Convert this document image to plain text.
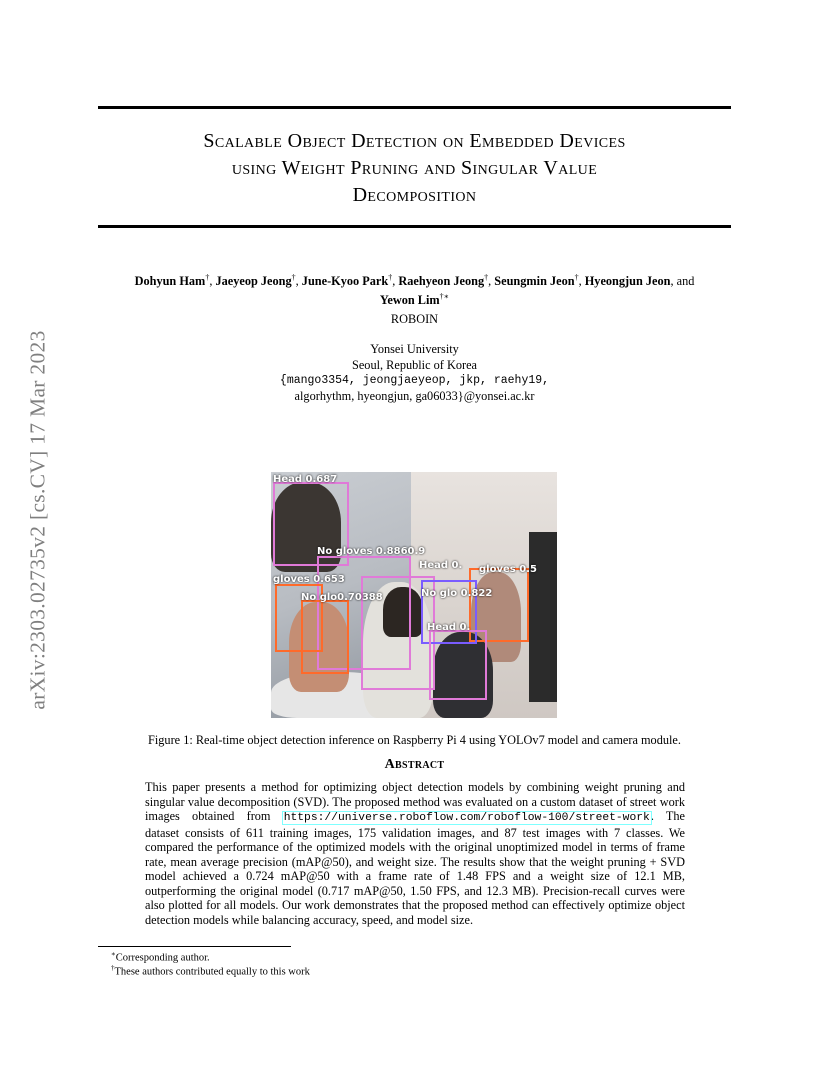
arXiv:2303.02735v2 [cs.CV] 17 Mar 2023
Scalable Object Detection on Embedded Devices
using Weight Pruning and Singular Value
Decomposition
Dohyun Ham†, Jaeyeop Jeong†, June-Kyoo Park†, Raehyeon Jeong†, Seungmin Jeon†, Hyeongjun Jeon, and
Yewon Lim†∗
ROBOIN
Yonsei University
Seoul, Republic of Korea
{mango3354, jeongjaeyeop, jkp, raehy19,
algorhythm, hyeongjun, ga06033}@yonsei.ac.kr
Head 0.687
No gloves 0.8860.9
gloves 0.653
No glo0.70388
Head 0. gloves 0.5
No glo 0.822
Head 0.
Figure 1: Real-time object detection inference on Raspberry Pi 4 using YOLOv7 model and camera module.
Abstract
This paper presents a method for optimizing object detection models by combining weight pruning and singular value decomposition (SVD). The proposed method was evaluated on a custom dataset of street work images obtained from https://universe.roboflow.com/roboflow-100/street-work. The dataset consists of 611 training images, 175 validation images, and 87 test images with 7 classes. We compared the performance of the optimized models with the original unoptimized model in terms of frame rate, mean average precision (mAP@50), and weight size. The results show that the weight pruning + SVD model achieved a 0.724 mAP@50 with a frame rate of 1.48 FPS and a weight size of 12.1 MB, outperforming the original model (0.717 mAP@50, 1.50 FPS, and 12.3 MB). Precision-recall curves were also plotted for all models. Our work demonstrates that the proposed method can effectively optimize object detection models while balancing accuracy, speed, and model size.
∗Corresponding author.
†These authors contributed equally to this work
